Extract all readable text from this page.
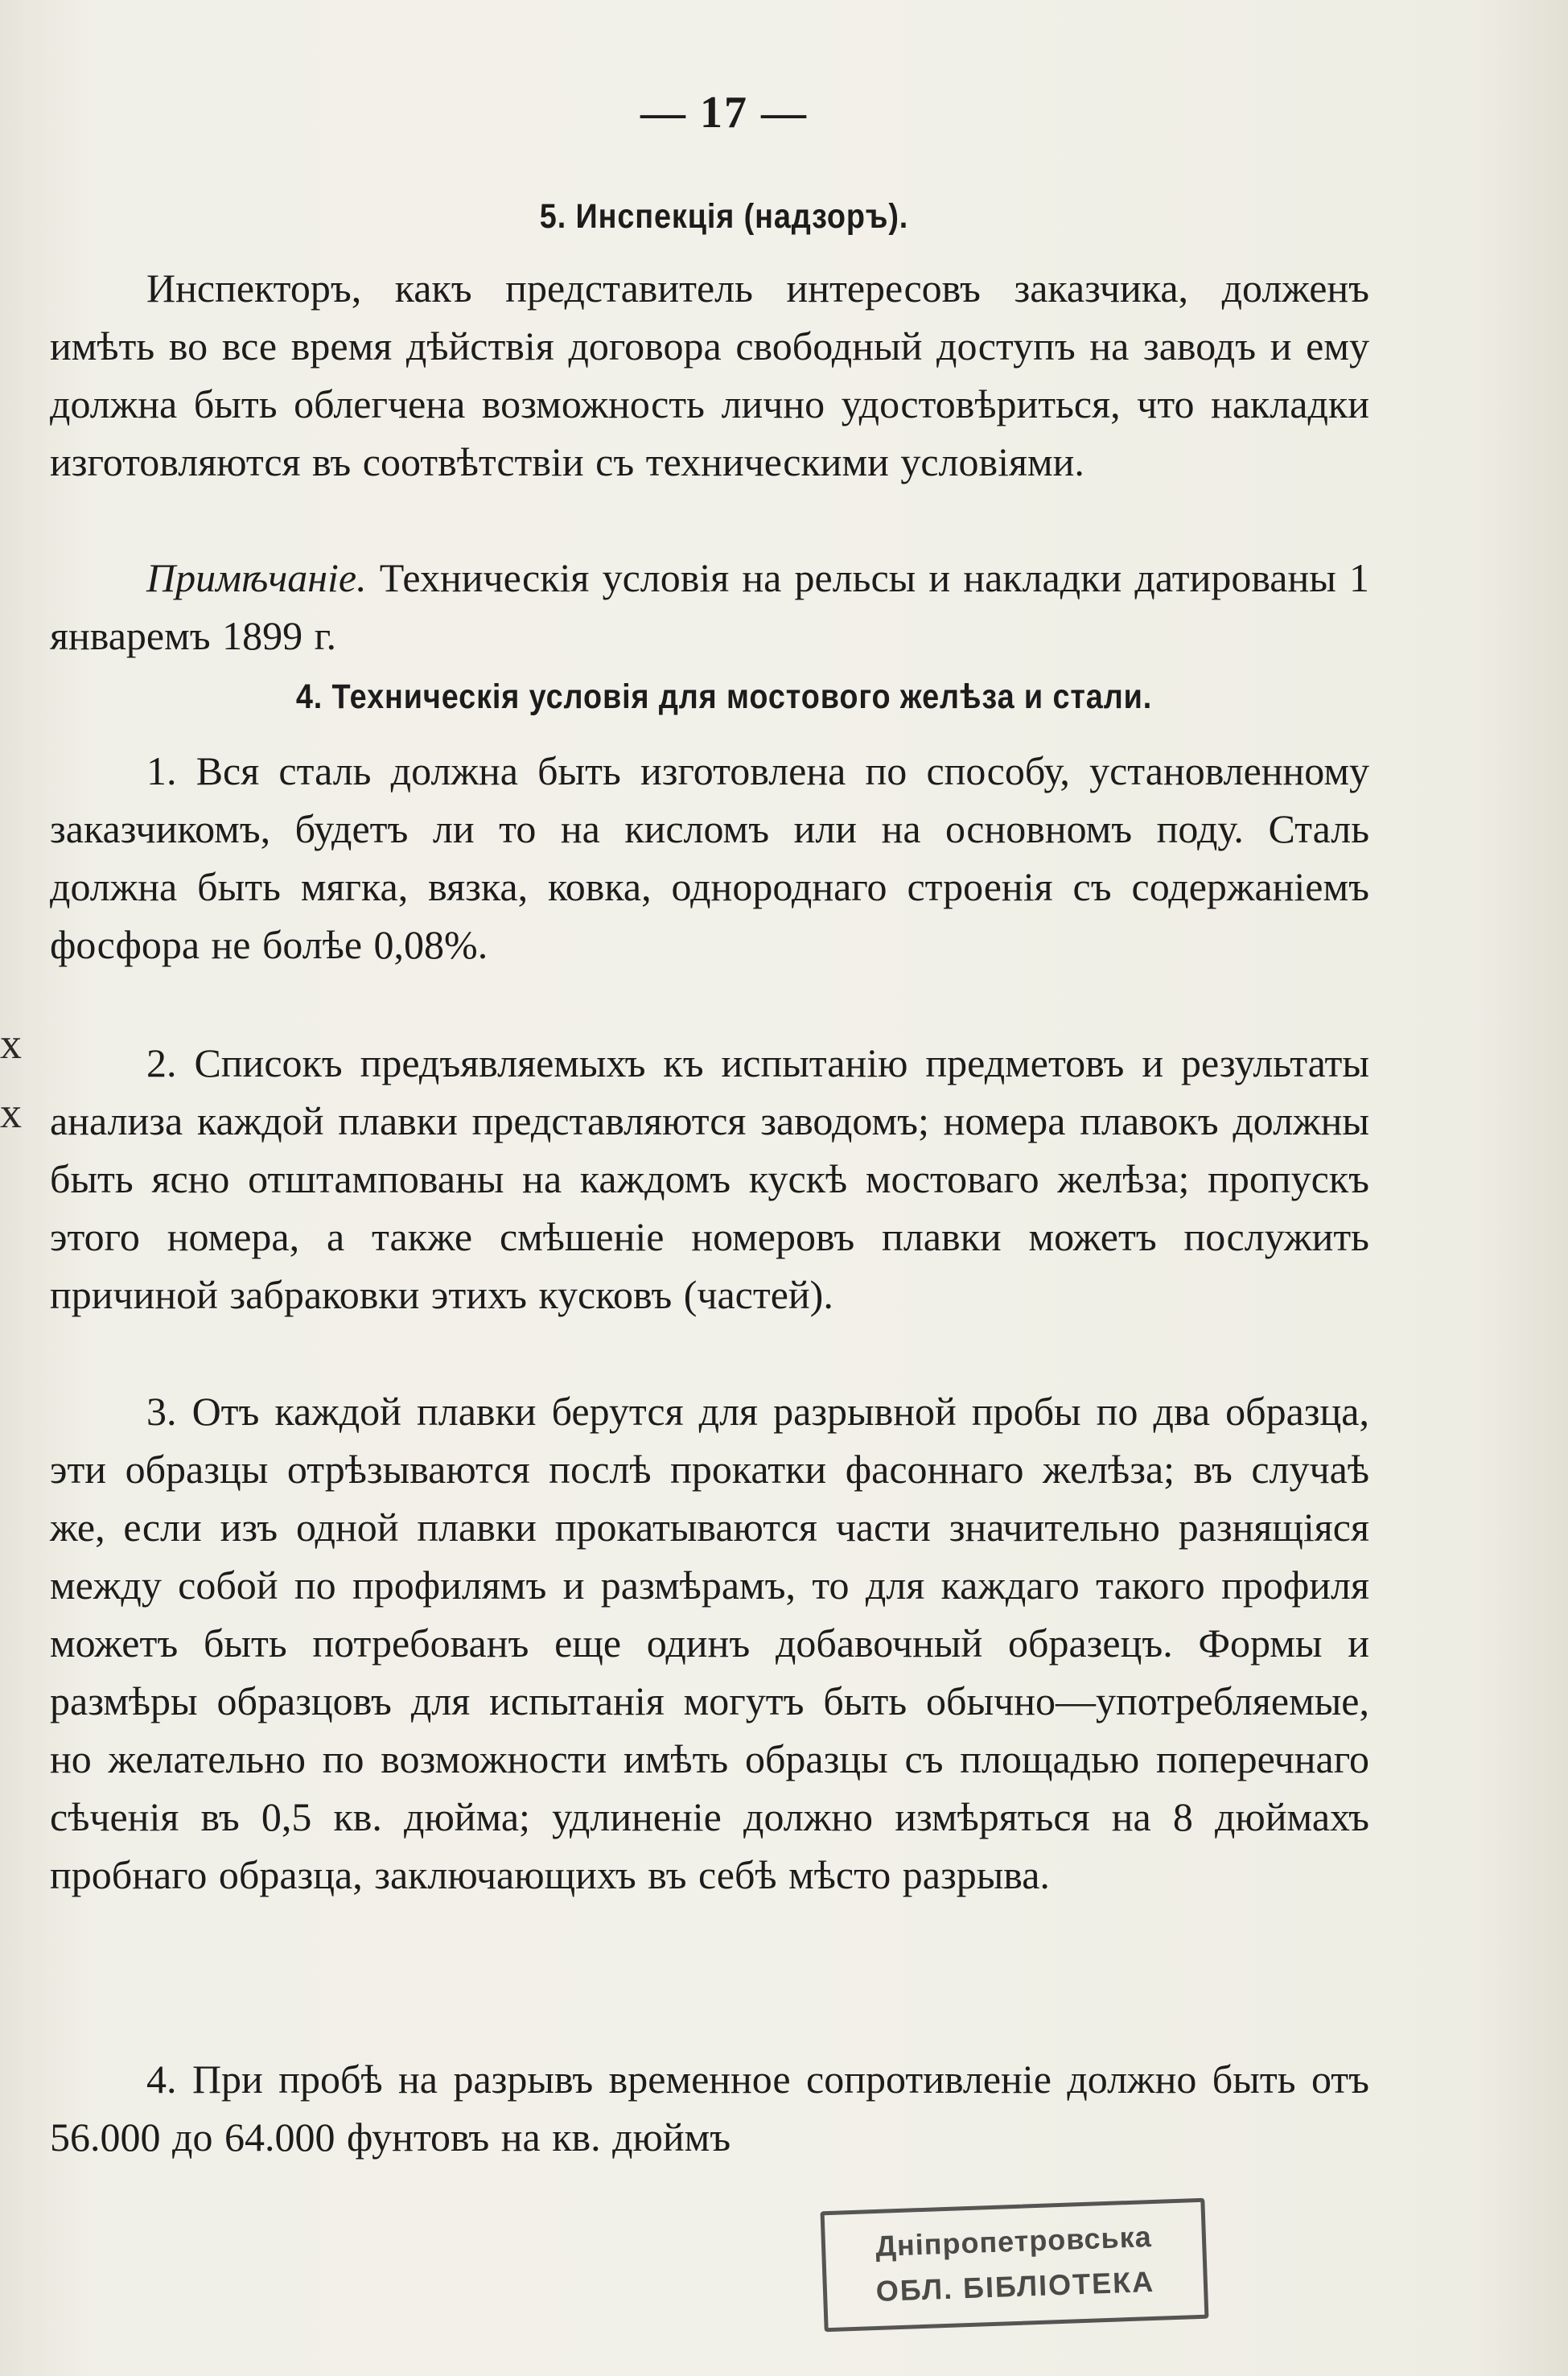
— 17 —
5. Инспекція (надзоръ).
Инспекторъ, какъ представитель интересовъ заказчика, долженъ имѣть во все время дѣйствія договора свободный доступъ на заводъ и ему должна быть облегчена возможность лично удостовѣриться, что накладки изготовляются въ соотвѣтствіи съ техническими условіями.
Примѣчаніе. Техническія условія на рельсы и накладки датированы 1 январемъ 1899 г.
4. Техническія условія для мостового желѣза и стали.
1. Вся сталь должна быть изготовлена по способу, установленному заказчикомъ, будетъ ли то на кисломъ или на основномъ поду. Сталь должна быть мягка, вязка, ковка, однороднаго строенія съ содержаніемъ фосфора не болѣе 0,08%.
2. Списокъ предъявляемыхъ къ испытанію предметовъ и результаты анализа каждой плавки представляются заводомъ; номера плавокъ должны быть ясно отштампованы на каждомъ кускѣ мостоваго желѣза; пропускъ этого номера, а также смѣшеніе номеровъ плавки можетъ послужить причиной забраковки этихъ кусковъ (частей).
3. Отъ каждой плавки берутся для разрывной пробы по два образца, эти образцы отрѣзываются послѣ прокатки фасоннаго желѣза; въ случаѣ же, если изъ одной плавки прокатываются части значительно разнящіяся между собой по профилямъ и размѣрамъ, то для каждаго такого профиля можетъ быть потребованъ еще одинъ добавочный образецъ. Формы и размѣры образцовъ для испытанія могутъ быть обычно—употребляемые, но желательно по возможности имѣть образцы съ площадью поперечнаго сѣченія въ 0,5 кв. дюйма; удлиненіе должно измѣряться на 8 дюймахъ пробнаго образца, заключающихъ въ себѣ мѣсто разрыва.
4. При пробѣ на разрывъ временное сопротивленіе должно быть отъ 56.000 до 64.000 фунтовъ на кв. дюймъ
х
х
Дніпропетровська
ОБЛ. БІБЛІОТЕКА
